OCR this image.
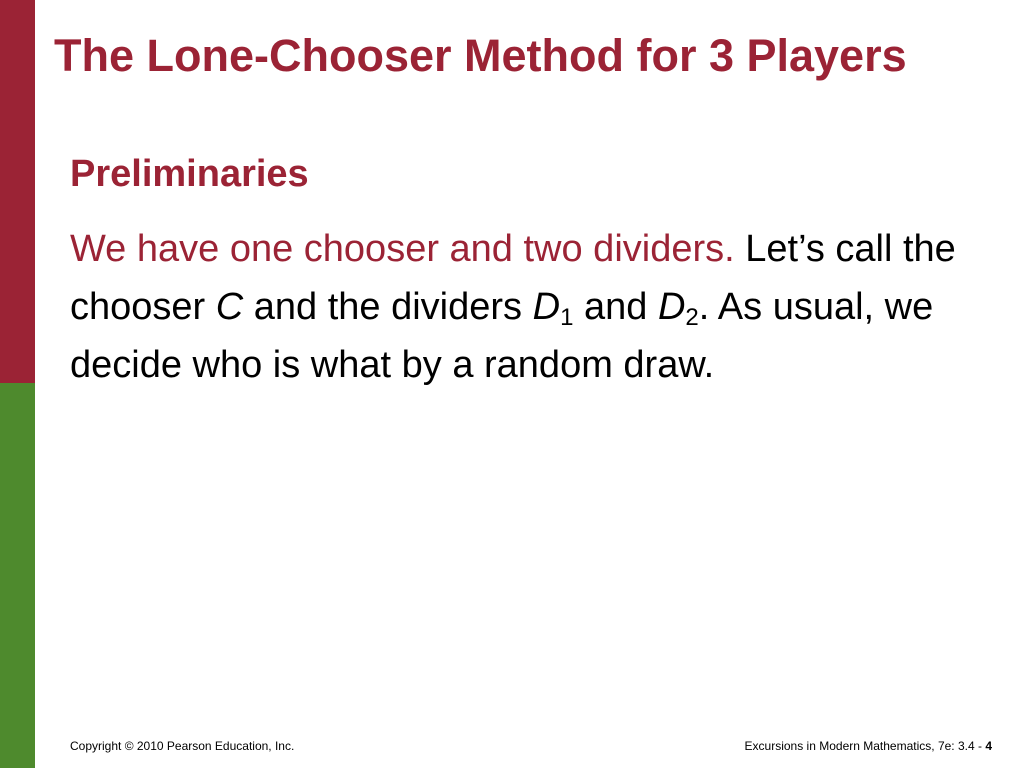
The Lone-Chooser Method for 3 Players
Preliminaries
We have one chooser and two dividers. Let’s call the chooser C and the dividers $D_1$ and $D_2$. As usual, we decide who is what by a random draw.
Copyright © 2010 Pearson Education, Inc.	Excursions in Modern Mathematics, 7e: 3.4 - 4
